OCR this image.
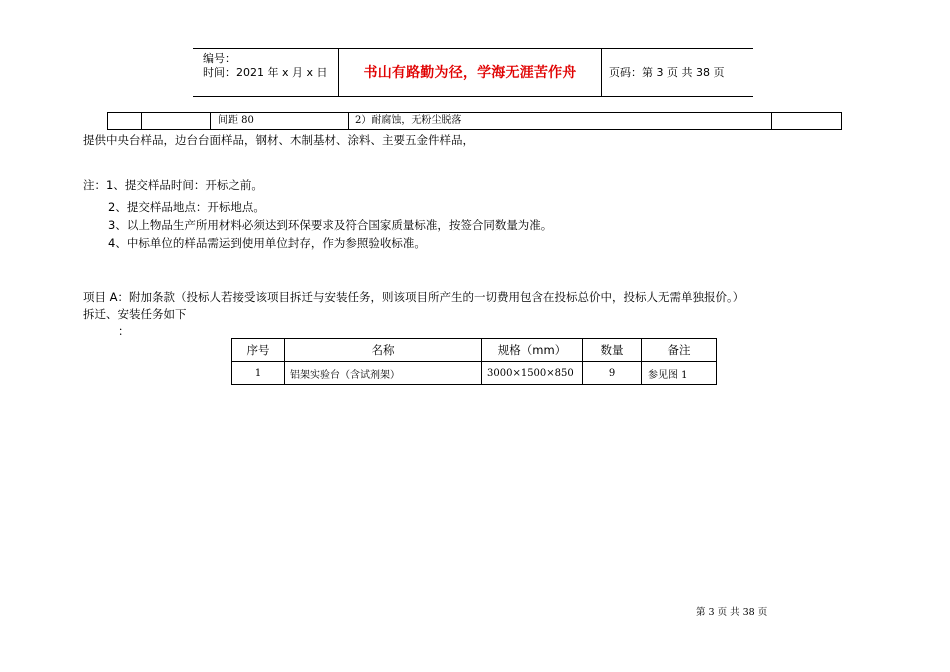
编号：
时间：2021 年 x 月 x 日	书山有路勤为径，学海无涯苦作舟	页码：第 3 页 共 38 页
间距 80	2）耐腐蚀，无粉尘脱落
提供中央台样品，边台台面样品，钢材、木制基材、涂料、主要五金件样品，
注：1、提交样品时间：开标之前。
2、提交样品地点：开标地点。
3、以上物品生产所用材料必须达到环保要求及符合国家质量标准，按签合同数量为准。
4、中标单位的样品需运到使用单位封存，作为参照验收标准。
项目 A：附加条款（投标人若接受该项目拆迁与安装任务，则该项目所产生的一切费用包含在投标总价中，投标人无需单独报价。）
拆迁、安装任务如下
：
序号	名称	规格（mm）	数量	备注
1	铝架实验台（含试剂架）	3000×1500×850	9	参见图 1
第 3 页 共 38 页
